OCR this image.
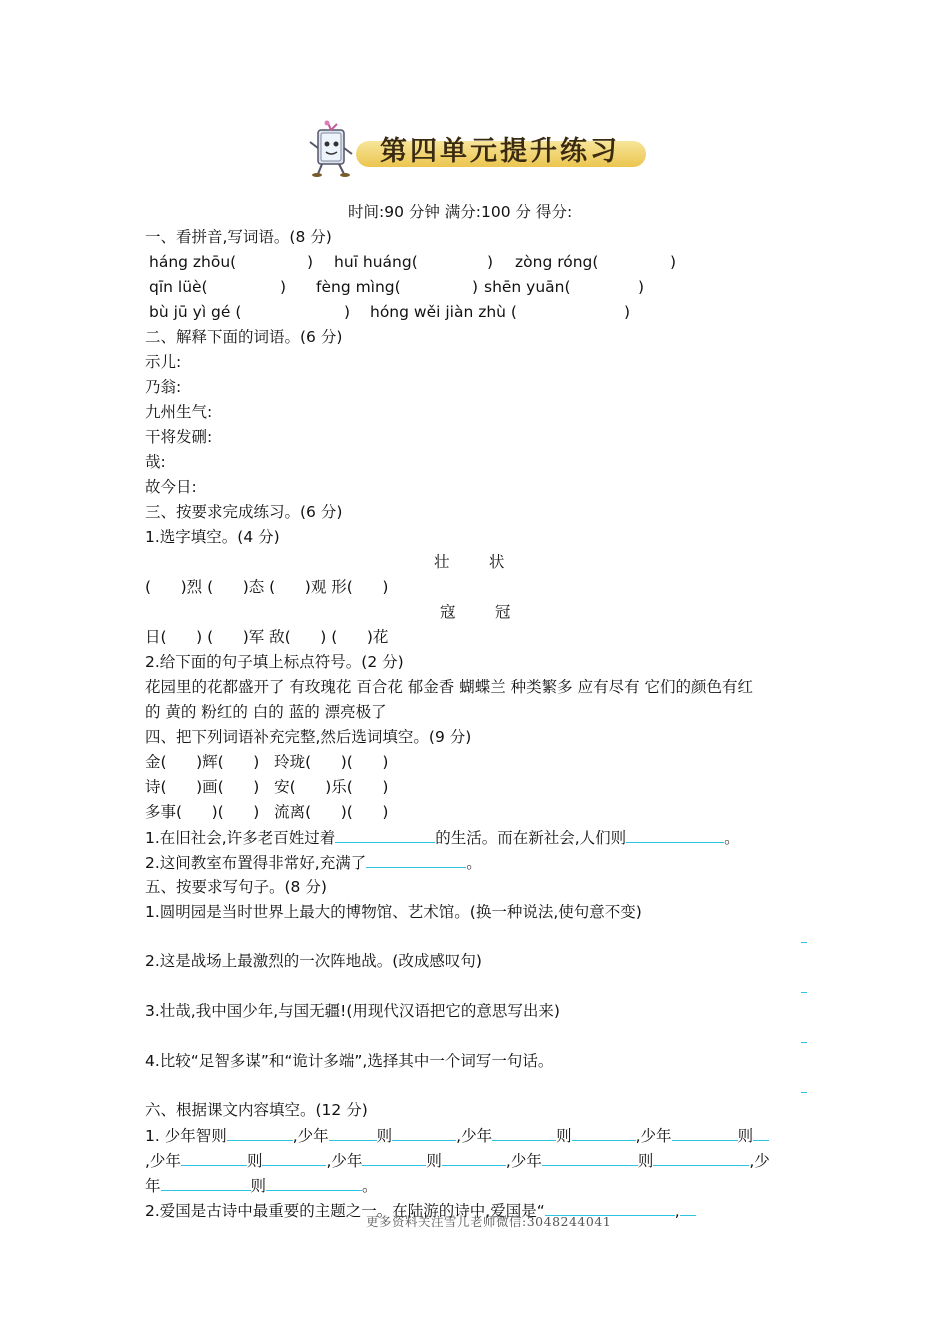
第四单元提升练习
时间:90 分钟 满分:100 分 得分:
一、看拼音,写词语。(8 分)
háng zhōu(	) huī huáng(	) zòng róng(	)
qīn lüè(	) fèng mìng(	) shēn yuān(	)
bù jū yì gé (	) hóng wěi jiàn zhù (	)
二、解释下面的词语。(6 分)
示儿:
乃翁:
九州生气:
干将发硎:
哉:
故今日:
三、按要求完成练习。(6 分)
1.选字填空。(4 分)
壮        状
(      )烈 (      )态 (      )观 形(      )
寇        冠
日(      ) (      )军 敌(      ) (      )花
2.给下面的句子填上标点符号。(2 分)
花园里的花都盛开了 有玫瑰花 百合花 郁金香 蝴蝶兰 种类繁多 应有尽有 它们的颜色有红
的 黄的 粉红的 白的 蓝的 漂亮极了
四、把下列词语补充完整,然后选词填空。(9 分)
金(      )辉(      )   玲珑(      )(      )
诗(      )画(      )   安(      )乐(      )
多事(      )(      )   流离(      )(      )
1.在旧社会,许多老百姓过着	的生活。而在新社会,人们则	。
2.这间教室布置得非常好,充满了	。
五、按要求写句子。(8 分)
1.圆明园是当时世界上最大的博物馆、艺术馆。(换一种说法,使句意不变)
2.这是战场上最激烈的一次阵地战。(改成感叹句)
3.壮哉,我中国少年,与国无疆!(用现代汉语把它的意思写出来)
4.比较“足智多谋”和“诡计多端”,选择其中一个词写一句话。
六、根据课文内容填空。(12 分)
1. 少年智则	,少年	则	,少年	则	,少年	则
,少年	则	,少年	则	,少年	则	,少
年	则	。
2.爱国是古诗中最重要的主题之一。在陆游的诗中,爱国是“	,
更多资料关注雪儿老师微信:3048244041
